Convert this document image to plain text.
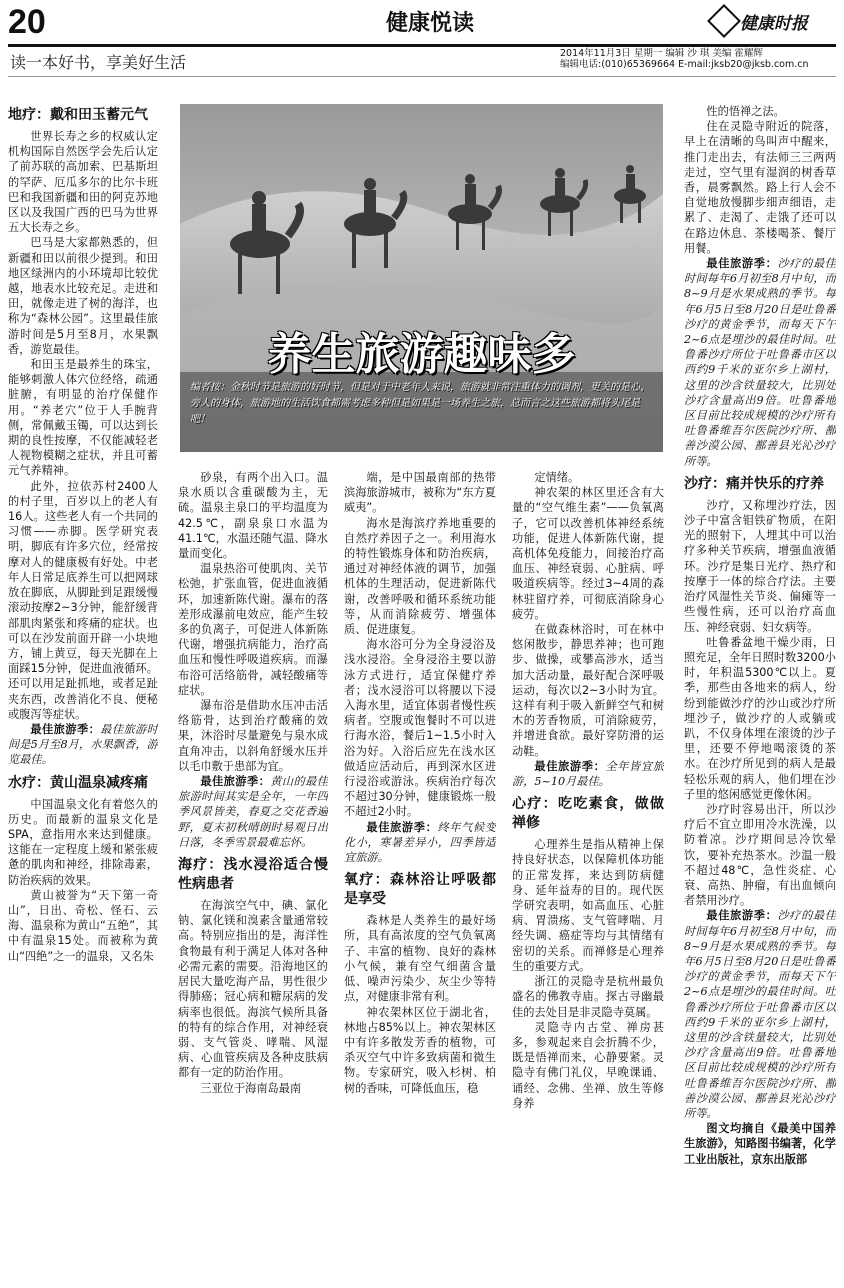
20	健康悦读	健康时报
读一本好书，享美好生活	2014年11月3日 星期一 编辑 沙 琪 美编 霍耀辉
编辑电话:(010)65369664 E-mail:jksb20@jksb.com.cn

地疗：戴和田玉蓄元气

世界长寿之乡的权威认定机构国际自然医学会先后认定了前苏联的高加索、巴基斯坦的罕萨、厄瓜多尔的比尔卡班巴和我国新疆和田的阿克苏地区以及我国广西的巴马为世界五大长寿之乡。

巴马是大家都熟悉的，但新疆和田以前很少提到。和田地区绿洲内的小环境却比较优越，地表水比较充足。走进和田，就像走进了树的海洋，也称为“森林公园”。这里最佳旅游时间是5月至8月，水果飘香，游览最佳。

和田玉是最养生的珠宝，能够刺激人体穴位经络，疏通脏腑，有明显的治疗保健作用。“养老穴”位于人手腕背侧，常佩戴玉镯，可以达到长期的良性按摩，不仅能减轻老人视物模糊之症状，并且可蓄元气养精神。

此外，拉依苏村2400人的村子里，百岁以上的老人有16人。这些老人有一个共同的习惯——赤脚。医学研究表明，脚底有许多穴位，经常按摩对人的健康极有好处。中老年人日常足底养生可以把网球放在脚底，从脚趾到足跟缓慢滚动按摩2~3分钟，能舒缓背部肌肉紧张和疼痛的症状。也可以在沙发前面开辟一小块地方，铺上黄豆，每天光脚在上面踩15分钟，促进血液循环。还可以用足趾抓地，或者足趾夹东西，改善消化不良、便秘或腹泻等症状。

最佳旅游季：最佳旅游时间是5月至8月，水果飘香，游览最佳。

水疗：黄山温泉减疼痛

中国温泉文化有着悠久的历史。而最新的温泉文化是SPA，意指用水来达到健康。这能在一定程度上缓和紧张疲惫的肌肉和神经，排除毒素，防治疾病的效果。

黄山被誉为“天下第一奇山”，日出、奇松、怪石、云海、温泉称为黄山“五绝”，其中有温泉15处。而被称为黄山“四绝”之一的温泉，又名朱

养生旅游趣味多
编者按：金秋时节是旅游的好时节，但是对于中老年人来说，旅游就非常注重体力的调剂，更关的是心、旁人的身体，旅游地的生活饮食都需考虑多种但是如果是一场养生之旅，总而言之这些旅游都将头尾是吧！

砂泉，有两个出入口。温泉水质以含重碳酸为主，无硫。温泉主泉口的平均温度为42.5℃，副泉泉口水温为41.1℃，水温还随气温、降水量而变化。

温泉热浴可使肌肉、关节松弛，扩张血管，促进血液循环，加速新陈代谢。瀑布的落差形成瀑前电效应，能产生较多的负离子，可促进人体新陈代谢，增强抗病能力，治疗高血压和慢性呼吸道疾病。而瀑布浴可活络筋骨，减轻酸痛等症状。

瀑布浴是借助水压冲击活络筋骨，达到治疗酸痛的效果，沐浴时尽量避免与泉水成直角冲击，以斜角舒缓水压并以毛巾敷于患部为宜。

最佳旅游季：黄山的最佳旅游时间其实是全年，一年四季风景皆美，春夏之交花香遍野，夏末初秋晴朗时易观日出日落，冬季雪景最难忘怀。

海疗：浅水浸浴适合慢性病患者

在海滨空气中，碘、氯化钠、氯化镁和溴素含量通常较高。特别应指出的是，海洋性食物最有利于满足人体对各种必需元素的需要。沿海地区的居民大量吃海产品，男性很少得肺癌；冠心病和糖尿病的发病率也很低。海滨气候所具备的特有的综合作用，对神经衰弱、支气管炎、哮喘、风湿病、心血管疾病及各种皮肤病都有一定的防治作用。

三亚位于海南岛最南

端，是中国最南部的热带滨海旅游城市，被称为“东方夏威夷”。

海水是海滨疗养地重要的自然疗养因子之一。利用海水的特性锻炼身体和防治疾病，通过对神经体液的调节，加强机体的生理活动，促进新陈代谢，改善呼吸和循环系统功能等，从而消除疲劳、增强体质、促进康复。

海水浴可分为全身浸浴及浅水浸浴。全身浸浴主要以游泳方式进行，适宜保健疗养者；浅水浸浴可以将腰以下浸入海水里，适宜体弱者慢性疾病者。空腹或饱餐时不可以进行海水浴，餐后1~1.5小时入浴为好。入浴后应先在浅水区做适应活动后，再到深水区进行浸浴或游泳。疾病治疗每次不超过30分钟，健康锻炼一般不超过2小时。

最佳旅游季：终年气候变化小，寒暑差异小，四季皆适宜旅游。

氧疗：森林浴让呼吸都是享受

森林是人类养生的最好场所，具有高浓度的空气负氧离子、丰富的植物、良好的森林小气候，兼有空气细菌含量低、噪声污染少、灰尘少等特点，对健康非常有利。

神农架林区位于湖北省，林地占85%以上。神农架林区中有许多散发芳香的植物，可杀灭空气中许多致病菌和微生物。专家研究，吸入杉树、柏树的香味，可降低血压，稳

定情绪。

神农架的林区里还含有大量的“空气维生素”——负氧离子，它可以改善机体神经系统功能，促进人体新陈代谢，提高机体免疫能力，间接治疗高血压、神经衰弱、心脏病、呼吸道疾病等。经过3~4周的森林驻留疗养，可彻底消除身心疲劳。

在做森林浴时，可在林中悠闲散步，静思养神；也可跑步、做操，或攀高涉水，适当加大活动量，最好配合深呼吸运动，每次以2~3小时为宜。这样有利于吸入新鲜空气和树木的芳香物质，可消除疲劳，并增进食欲。最好穿防滑的运动鞋。

最佳旅游季：全年皆宜旅游，5~10月最佳。

心疗：吃吃素食，做做禅修

心理养生是指从精神上保持良好状态，以保障机体功能的正常发挥，来达到防病健身、延年益寿的目的。现代医学研究表明，如高血压、心脏病、胃溃疡、支气管哮喘、月经失调、癌症等均与其情绪有密切的关系。而禅修是心理养生的重要方式。

浙江的灵隐寺是杭州最负盛名的佛教寺庙。探古寻幽最佳的去处目是非灵隐寺莫属。

灵隐寺内古堂、禅房甚多，参观起来自会折腾不少，既是悟禅而来，心静要紧。灵隐寺有佛门礼仪，早晚课诵、诵经、念佛、坐禅、放生等修身养

性的悟禅之法。

住在灵隐寺附近的院落，早上在清晰的鸟叫声中醒来，推门走出去，有法师三三两两走过，空气里有湿润的树香草香，晨雾飘然。路上行人会不自觉地放慢脚步细声细语，走累了、走渴了、走饿了还可以在路边休息、茶楼喝茶、餐厅用餐。

最佳旅游季：沙疗的最佳时间每年6月初至8月中旬，而8~9月是水果成熟的季节。每年6月5日至8月20日是吐鲁番沙疗的黄金季节，而每天下午2~6点是埋沙的最佳时间。吐鲁番沙疗所位于吐鲁番市区以西约9千米的亚尔乡上湖村，这里的沙含铁量较大，比别处沙疗含量高出9倍。吐鲁番地区目前比较成规模的沙疗所有吐鲁番维吾尔医院沙疗所、鄯善沙漠公园、鄯善县光沁沙疗所等。

沙疗：痛并快乐的疗养

沙疗，又称埋沙疗法，因沙子中富含钼铁矿物质，在阳光的照射下，人埋其中可以治疗多种关节疾病，增强血液循环。沙疗是集日光疗、热疗和按摩于一体的综合疗法。主要治疗风湿性关节炎、偏瘫等一些慢性病，还可以治疗高血压、神经衰弱、妇女病等。

吐鲁番盆地干燥少雨，日照充足，全年日照时数3200小时，年积温5300℃以上。夏季，那些由各地来的病人，纷纷到能做沙疗的沙山或沙疗所埋沙子，做沙疗的人或躺或趴，不仅身体埋在滚烫的沙子里，还要不停地喝滚烫的茶水。在沙疗所见到的病人是最轻松乐观的病人，他们埋在沙子里的悠闲感觉更像休闲。

沙疗时容易出汗，所以沙疗后不宜立即用冷水洗澡，以防着凉。沙疗期间忌冷饮晕饮，要补充热茶水。沙温一般不超过48℃，急性炎症、心衰、高热、肿瘤，有出血倾向者禁用沙疗。

最佳旅游季：沙疗的最佳时间每年6月初至8月中旬，而8~9月是水果成熟的季节。每年6月5日至8月20日是吐鲁番沙疗的黄金季节，而每天下午2~6点是埋沙的最佳时间。吐鲁番沙疗所位于吐鲁番市区以西约9千米的亚尔乡上湖村，这里的沙含铁量较大，比别处沙疗含量高出9倍。吐鲁番地区目前比较成规模的沙疗所有吐鲁番维吾尔医院沙疗所、鄯善沙漠公园、鄯善县光沁沙疗所等。

图文均摘自《最美中国养生旅游》，知路图书编著，化学工业出版社，京东出版部
